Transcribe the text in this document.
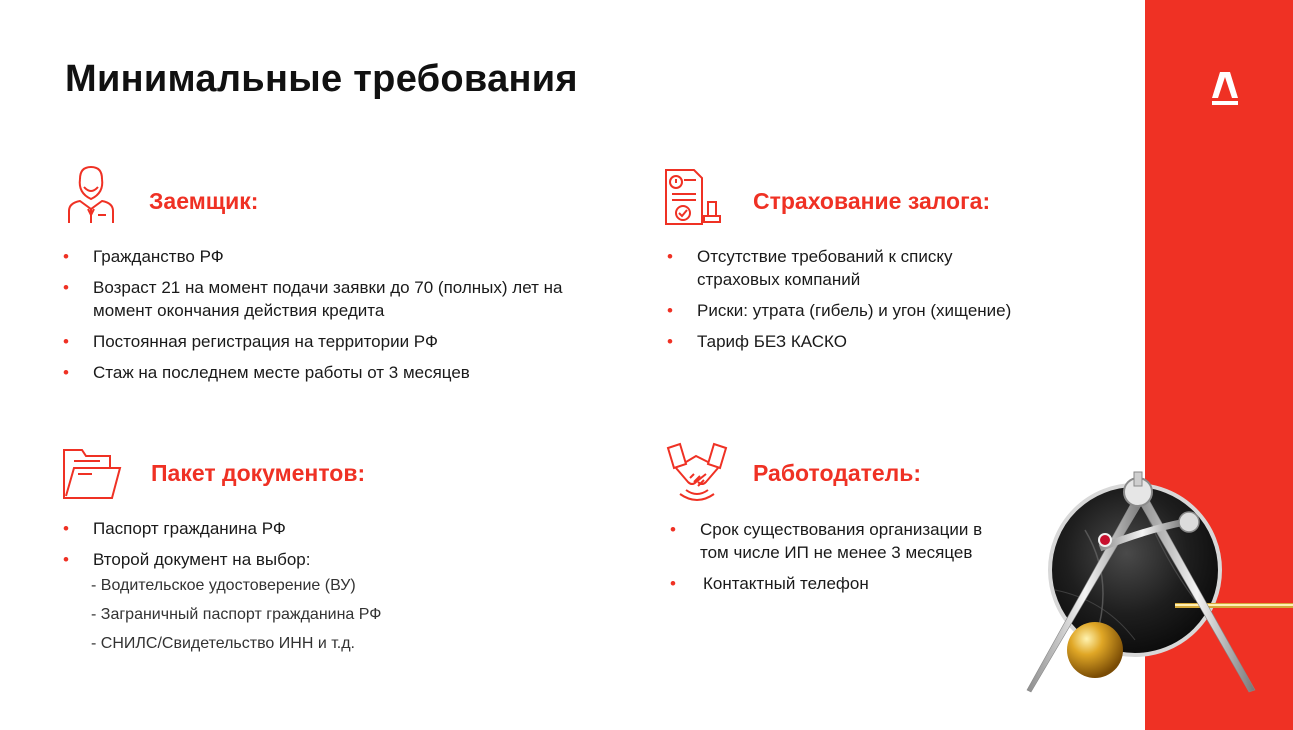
Минимальные требования
Заемщик:
• Гражданство РФ
• Возраст 21 на момент подачи заявки до 70 (полных) лет на момент окончания действия кредита
• Постоянная регистрация на территории РФ
• Стаж на последнем месте работы от 3 месяцев
Страхование залога:
• Отсутствие требований к списку страховых компаний
• Риски: утрата (гибель) и угон (хищение)
• Тариф БЕЗ КАСКО
Пакет документов:
• Паспорт гражданина РФ
• Второй документ на выбор:
- Водительское удостоверение (ВУ)
- Заграничный паспорт гражданина РФ
- СНИЛС/Свидетельство ИНН и т.д.
Работодатель:
• Срок существования организации в том числе ИП не менее 3 месяцев
• Контактный телефон
